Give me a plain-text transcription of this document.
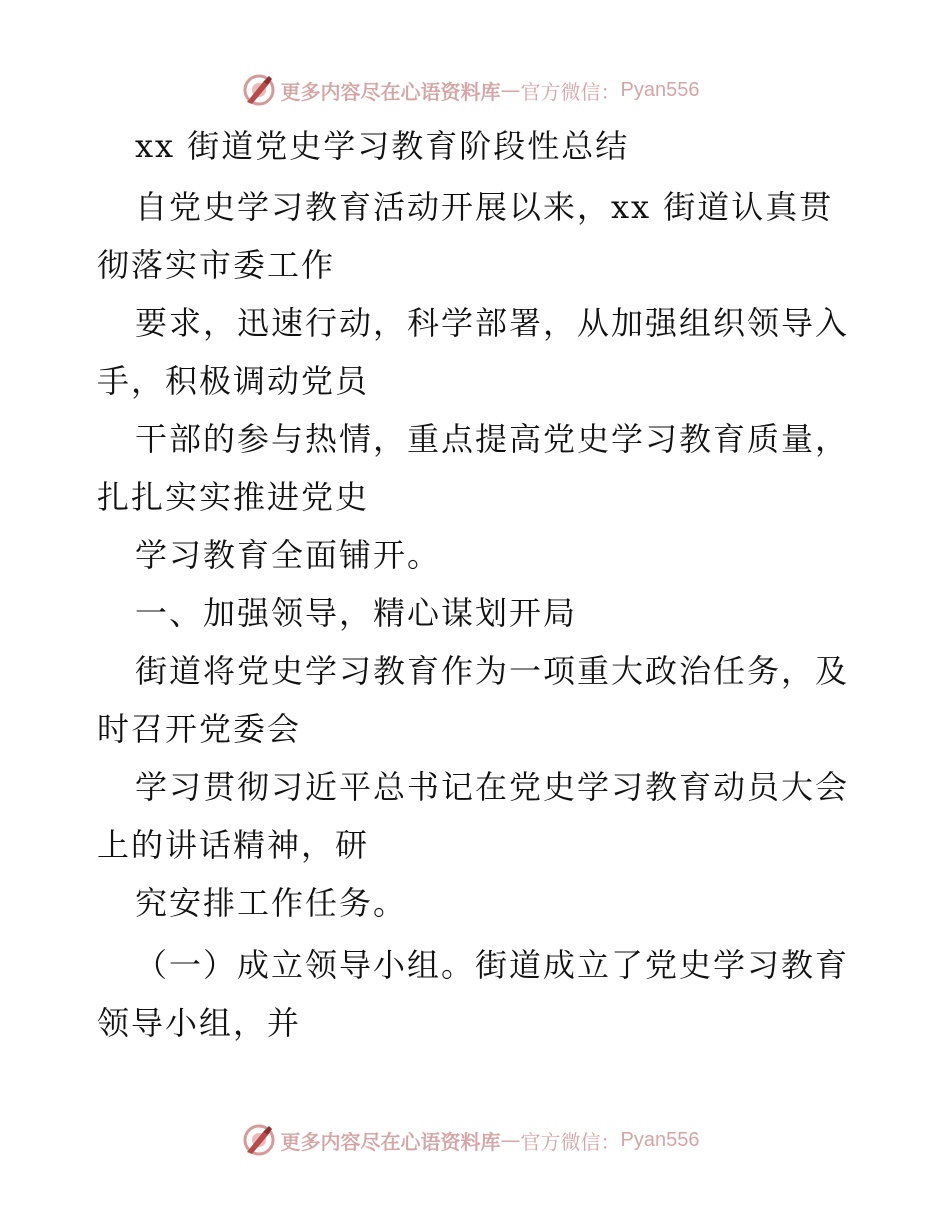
更多内容尽在心语资料库 — 官方微信： Pyan556
xx 街道党史学习教育阶段性总结
自党史学习教育活动开展以来，xx 街道认真贯
彻落实市委工作
要求，迅速行动，科学部署，从加强组织领导入
手，积极调动党员
干部的参与热情，重点提高党史学习教育质量，
扎扎实实推进党史
学习教育全面铺开。
一、加强领导，精心谋划开局
街道将党史学习教育作为一项重大政治任务，及
时召开党委会
学习贯彻习近平总书记在党史学习教育动员大会
上的讲话精神，研
究安排工作任务。
（一）成立领导小组。街道成立了党史学习教育
领导小组，并
更多内容尽在心语资料库 — 官方微信： Pyan556
